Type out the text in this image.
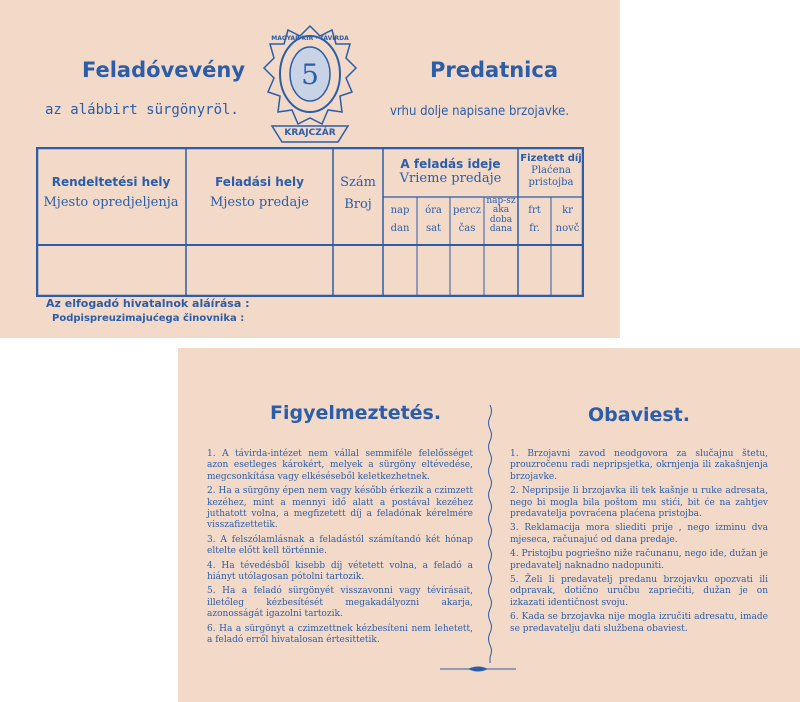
Feladóvevény
az alábbirt sürgönyröl.
Predatnica
vrhu dolje napisane brzojavke.
5
MAGYAR KIR · TÁVIRDA
KRAJCZÁR
Rendeltetési hely
Mjesto opredjeljenja
Feladási hely
Mjesto predaje
Szám
Broj
A feladás ideje
Vrieme predaje
Fizetett díj
Plaćena pristojba
nap
dan
óra
sat
percz
čas
nap-szaka
doba dana
frt
fr.
kr
novč
Az elfogadó hivatalnok aláírása :
Podpispreuzimajućega činovnika :
Figyelmeztetés.	Obaviest.

1. A távirda-intézet nem vállal semmiféle felelősséget azon esetleges károkért, melyek a sürgöny eltévedése, megcsonkítása vagy elkéséseből keletkezhetnek.

2. Ha a sürgöny épen nem vagy később érkezik a czimzett kezéhez, mint a mennyi idő alatt a postával kezéhez juthatott volna, a megfizetett díj a feladónak kérelmére visszafizettetik.

3. A felszólamlásnak a feladástól számítandó két hónap eltelte előtt kell történnie.

4. Ha tévedésből kisebb díj vétetett volna, a feladó a hiányt utólagosan pótolni tartozik.

5. Ha a feladó sürgönyét visszavonni vagy tévirásait, illetőleg kézbesítését megakadályozni akarja, azonosságát igazolni tartozik.

6. Ha a sürgönyt a czimzettnek kézbesíteni nem lehetett, a feladó erről hivatalosan értesittetik.

1. Brzojavni zavod neodgovora za slučajnu štetu, prouzročenu radi nepripsjetka, okrnjenja ili zakašnjenja brzojavke.

2. Nepripsije li brzojavka ili tek kašnje u ruke adresata, nego bi mogla bila poštom mu stići, bit će na zahtjev predavatelja povraćena plaćena pristojba.

3. Reklamacija mora sliediti prije , nego izminu dva mjeseca, računajuć od dana predaje.

4. Pristojbu pogriešno niže računanu, nego ide, dužan je predavatelj naknadno nadopuniti.

5. Želi li predavatelj predanu brzojavku opozvati ili odpravak, dotično uručbu zapriečiti, dužan je on izkazati identičnost svoju.

6. Kada se brzojavka nije mogla izručiti adresatu, imade se predavatelju dati službena obaviest.
